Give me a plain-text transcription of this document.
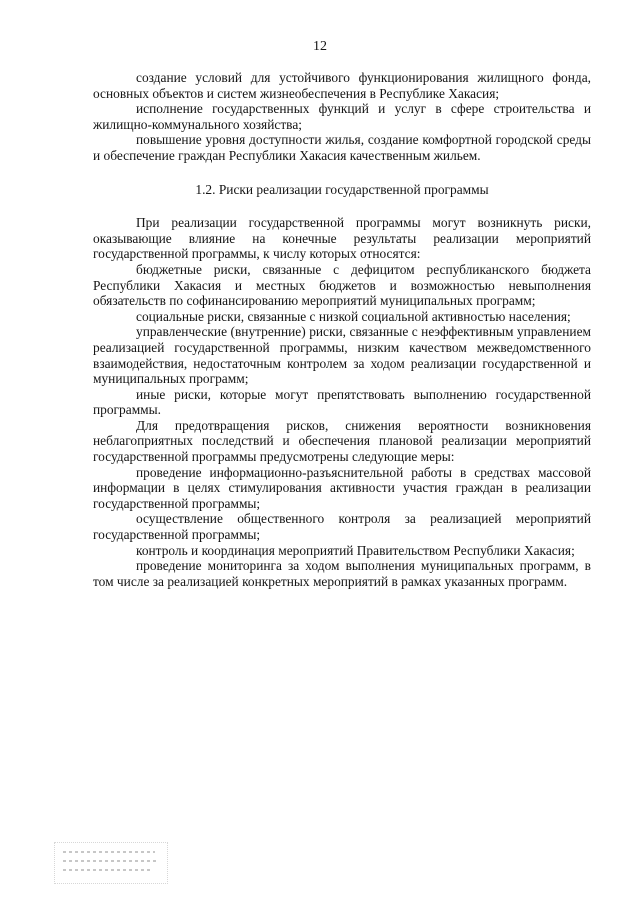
12

создание условий для устойчивого функционирования жилищного фонда, основных объектов и систем жизнеобеспечения в Республике Хакасия;

исполнение государственных функций и услуг в сфере строительства и жилищно-коммунального хозяйства;

повышение уровня доступности жилья, создание комфортной городской среды и обеспечение граждан Республики Хакасия качественным жильем.

1.2. Риски реализации государственной программы

При реализации государственной программы могут возникнуть риски, оказывающие влияние на конечные результаты реализации мероприятий государственной программы, к числу которых относятся:

бюджетные риски, связанные с дефицитом республиканского бюджета Республики Хакасия и местных бюджетов и возможностью невыполнения обязательств по софинансированию мероприятий муниципальных программ;

социальные риски, связанные с низкой социальной активностью населения;

управленческие (внутренние) риски, связанные с неэффективным управлением реализацией государственной программы, низким качеством межведомственного взаимодействия, недостаточным контролем за ходом реализации государственной и муниципальных программ;

иные риски, которые могут препятствовать выполнению государственной программы.

Для предотвращения рисков, снижения вероятности возникновения неблагоприятных последствий и обеспечения плановой реализации мероприятий государственной программы предусмотрены следующие меры:

проведение информационно-разъяснительной работы в средствах массовой информации в целях стимулирования активности участия граждан в реализации государственной программы;

осуществление общественного контроля за реализацией мероприятий государственной программы;

контроль и координация мероприятий Правительством Республики Хакасия;

проведение мониторинга за ходом выполнения муниципальных программ, в том числе за реализацией конкретных мероприятий в рамках указанных программ.
